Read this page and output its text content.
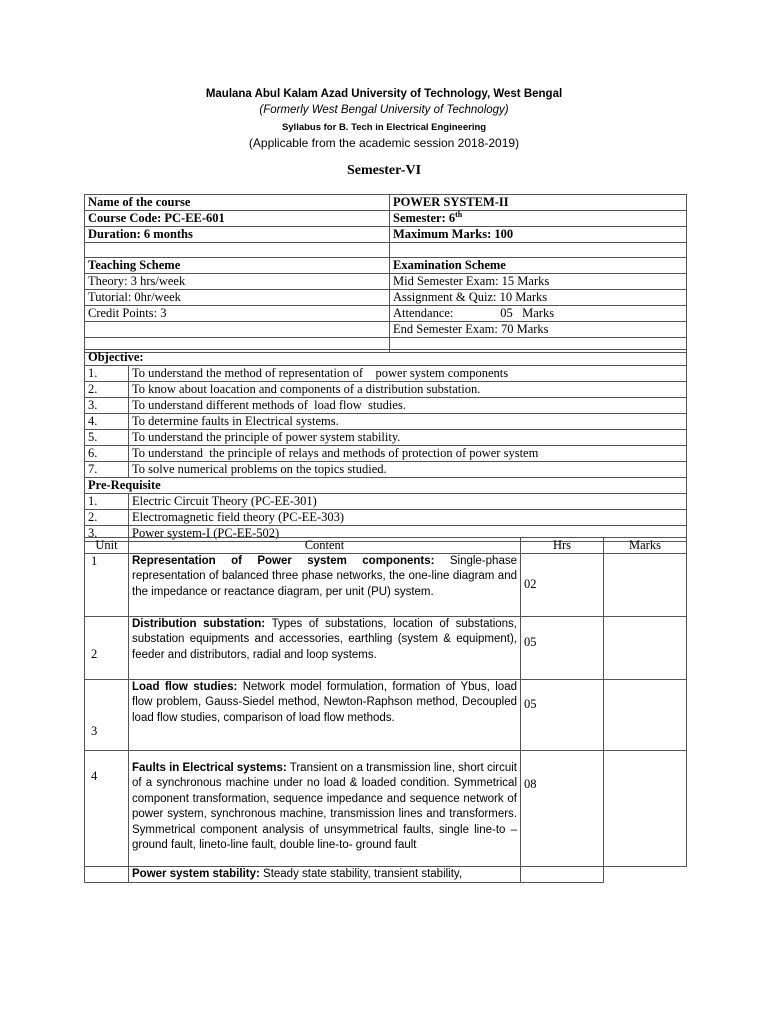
Maulana Abul Kalam Azad University of Technology, West Bengal
(Formerly West Bengal University of Technology)
Syllabus for B. Tech in Electrical Engineering
(Applicable from the academic session 2018-2019)
Semester-VI
Name of the course	POWER SYSTEM-II
Course Code: PC-EE-601	Semester: 6th
Duration: 6 months	Maximum Marks: 100

Teaching Scheme	Examination Scheme
Theory: 3 hrs/week	Mid Semester Exam: 15 Marks
Tutorial: 0hr/week	Assignment & Quiz: 10 Marks
Credit Points: 3	Attendance:               05   Marks
	End Semester Exam: 70 Marks

Objective:	
1.	To understand the method of representation of    power system components
2.	To know about loacation and components of a distribution substation.
3.	To understand different methods of  load flow  studies.
4.	To determine faults in Electrical systems.
5.	To understand the principle of power system stability.
6.	To understand  the principle of relays and methods of protection of power system
7.	To solve numerical problems on the topics studied.
Pre-Requisite	
1.	Electric Circuit Theory (PC-EE-301)
2.	Electromagnetic field theory (PC-EE-303)
3.	Power system-I (PC-EE-502)
Unit	Content	Hrs	Marks
1	Representation of Power system components: Single-phase representation of balanced three phase networks, the one-line diagram and the impedance or reactance diagram, per unit (PU) system.	02	
2	Distribution substation: Types of substations, location of substations, substation equipments and accessories, earthling (system & equipment), feeder and distributors, radial and loop systems.	05	
3	Load flow studies: Network model formulation, formation of Ybus, load flow problem, Gauss-Siedel method, Newton-Raphson method, Decoupled load flow studies, comparison of load flow methods.	05	
4	Faults in Electrical systems: Transient on a transmission line, short circuit of a synchronous machine under no load & loaded condition. Symmetrical component transformation, sequence impedance and sequence network of power system, synchronous machine, transmission lines and transformers. Symmetrical component analysis of unsymmetrical faults, single line-to –ground fault, lineto-line fault, double line-to- ground fault	08	
	Power system stability: Steady state stability, transient stability,		
